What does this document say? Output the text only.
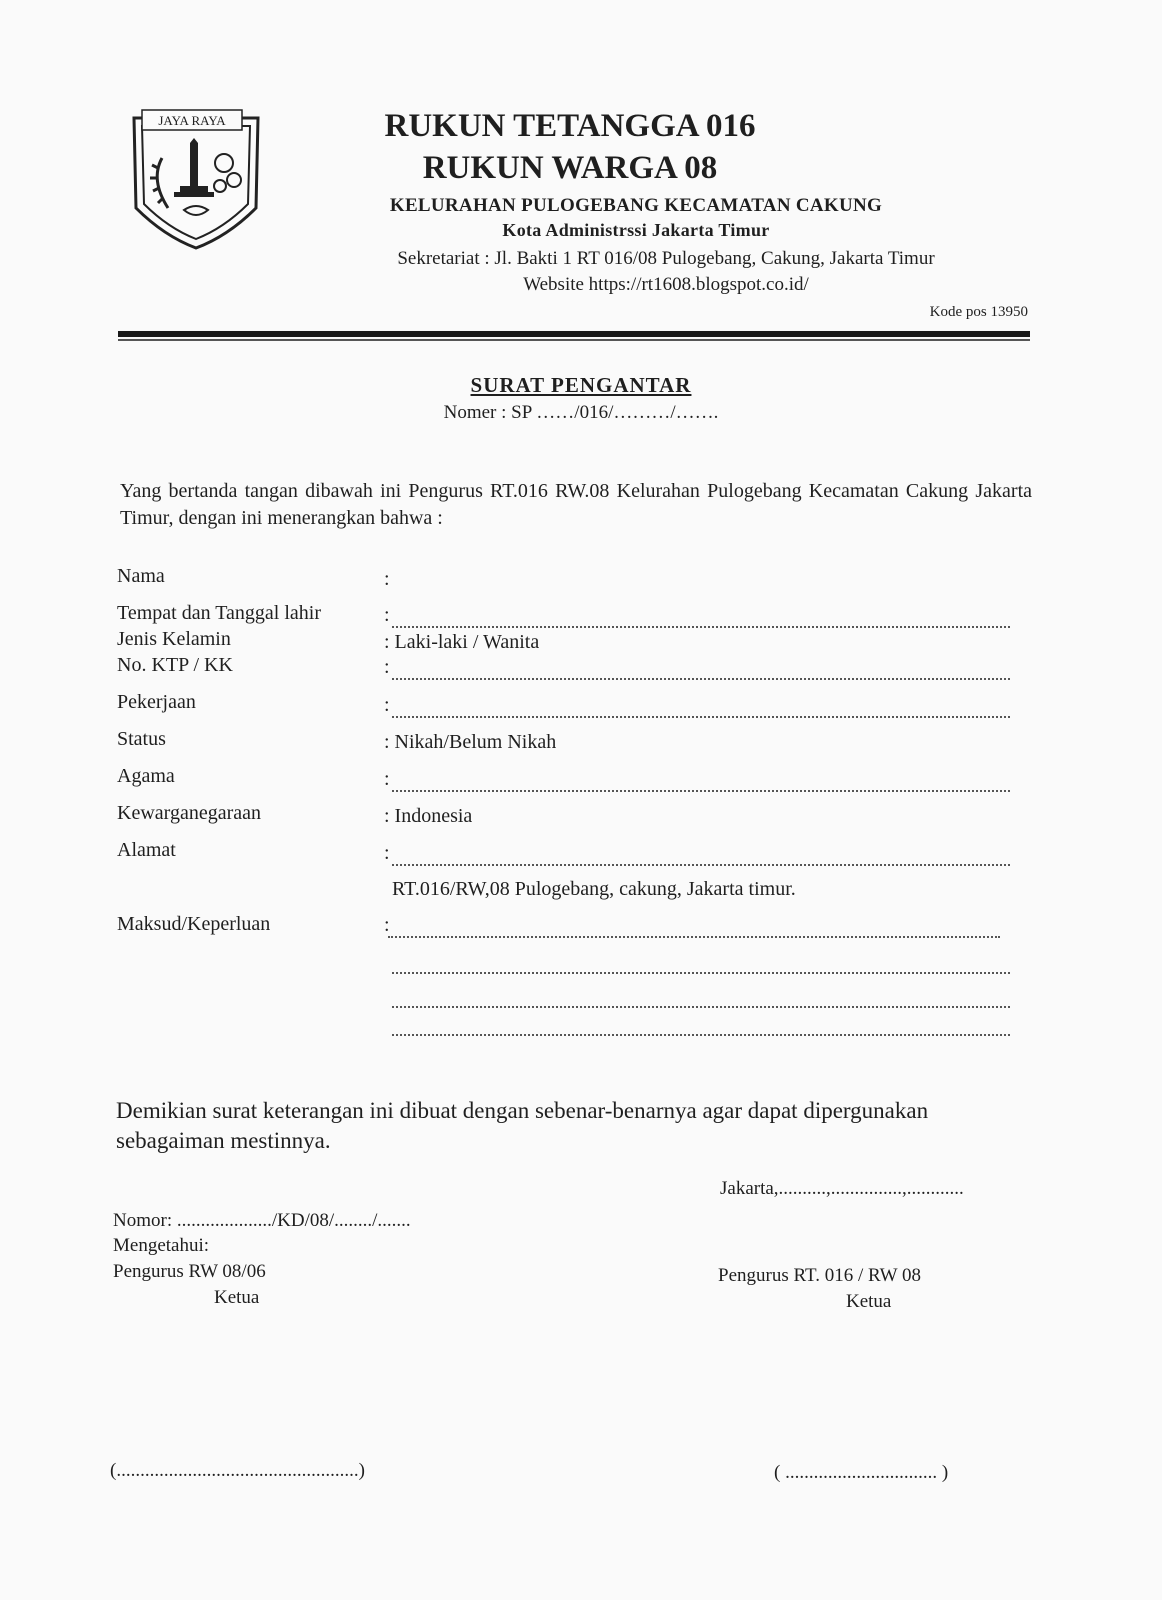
JAYA RAYA	RUKUN TETANGGA 016
RUKUN WARGA 08
KELURAHAN PULOGEBANG KECAMATAN CAKUNG
Kota Administrssi Jakarta Timur
Sekretariat : Jl. Bakti 1 RT 016/08 Pulogebang, Cakung, Jakarta Timur
Website https://rt1608.blogspot.co.id/
Kode pos 13950
SURAT PENGANTAR
Nomer : SP ……/016/………/…….
Yang bertanda tangan dibawah ini Pengurus RT.016 RW.08 Kelurahan Pulogebang Kecamatan Cakung Jakarta Timur, dengan ini menerangkan bahwa :
Nama	:
Tempat dan Tanggal lahir	:
Jenis Kelamin	: Laki-laki / Wanita
No. KTP / KK	:
Pekerjaan	:
Status	: Nikah/Belum Nikah
Agama	:
Kewarganegaraan	: Indonesia
Alamat	:
RT.016/RW,08 Pulogebang, cakung, Jakarta timur.
Maksud/Keperluan	:
Demikian surat keterangan ini dibuat dengan sebenar-benarnya agar dapat dipergunakan sebagaiman mestinnya.
Jakarta,..........,...............,............
Nomor: ..................../KD/08/......../.......
Mengetahui:
Pengurus RW 08/06
Ketua
Pengurus RT. 016 / RW 08
Ketua
(...................................................)	( ................................ )
